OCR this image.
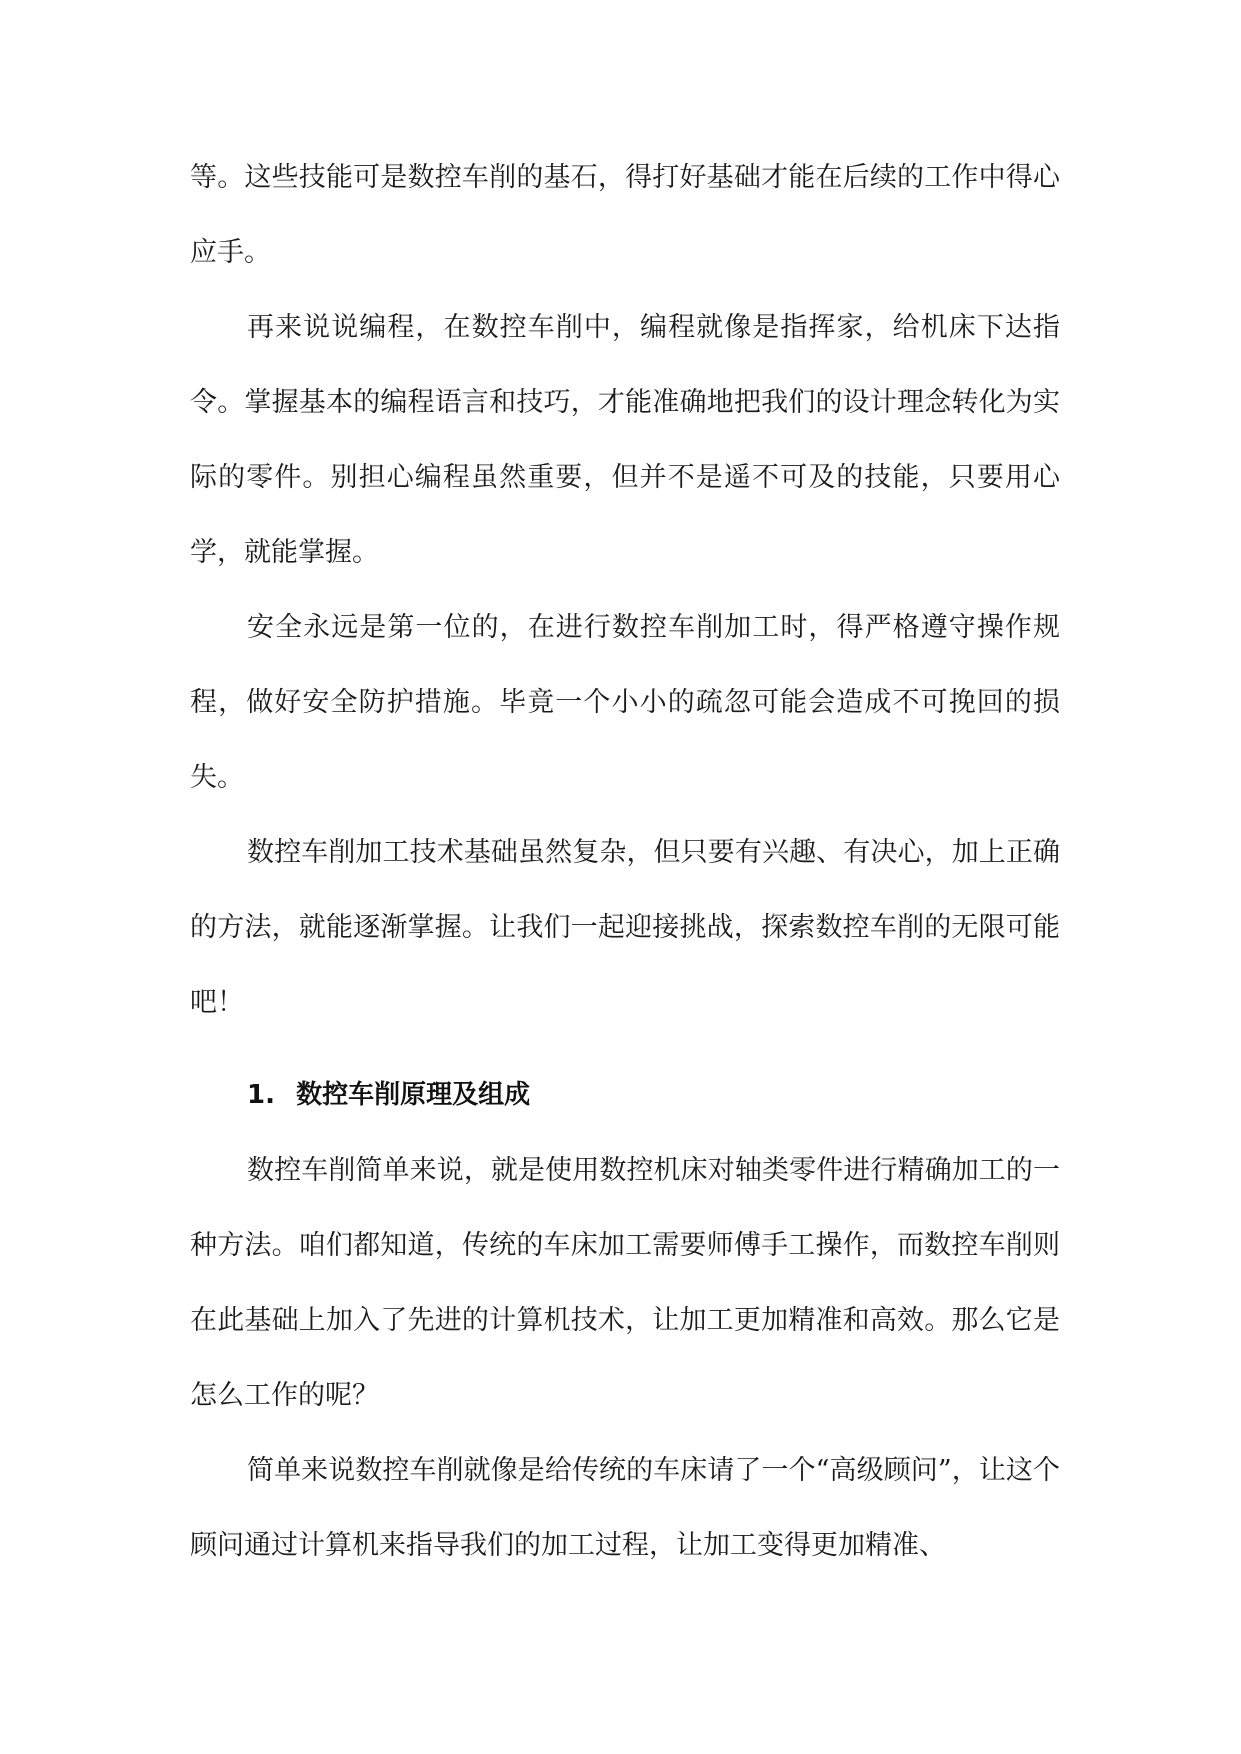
等。这些技能可是数控车削的基石，得打好基础才能在后续的工作中得心应手。

再来说说编程，在数控车削中，编程就像是指挥家，给机床下达指令。掌握基本的编程语言和技巧，才能准确地把我们的设计理念转化为实际的零件。别担心编程虽然重要，但并不是遥不可及的技能，只要用心学，就能掌握。

安全永远是第一位的，在进行数控车削加工时，得严格遵守操作规程，做好安全防护措施。毕竟一个小小的疏忽可能会造成不可挽回的损失。

数控车削加工技术基础虽然复杂，但只要有兴趣、有决心，加上正确的方法，就能逐渐掌握。让我们一起迎接挑战，探索数控车削的无限可能吧！

1. 数控车削原理及组成

数控车削简单来说，就是使用数控机床对轴类零件进行精确加工的一种方法。咱们都知道，传统的车床加工需要师傅手工操作，而数控车削则在此基础上加入了先进的计算机技术，让加工更加精准和高效。那么它是怎么工作的呢？

简单来说数控车削就像是给传统的车床请了一个“高级顾问”，让这个顾问通过计算机来指导我们的加工过程，让加工变得更加精准、
